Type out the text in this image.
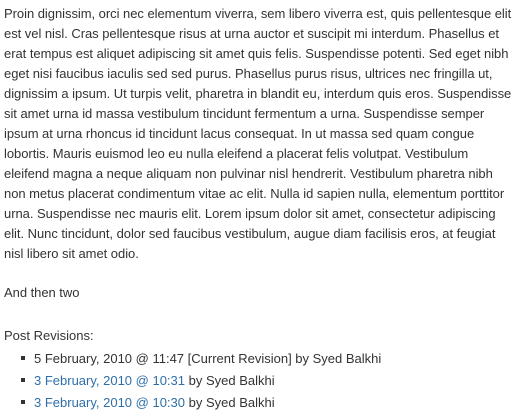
Proin dignissim, orci nec elementum viverra, sem libero viverra est, quis pellentesque elit est vel nisl. Cras pellentesque risus at urna auctor et suscipit mi interdum. Phasellus et erat tempus est aliquet adipiscing sit amet quis felis. Suspendisse potenti. Sed eget nibh eget nisi faucibus iaculis sed sed purus. Phasellus purus risus, ultrices nec fringilla ut, dignissim a ipsum. Ut turpis velit, pharetra in blandit eu, interdum quis eros. Suspendisse sit amet urna id massa vestibulum tincidunt fermentum a urna. Suspendisse semper ipsum at urna rhoncus id tincidunt lacus consequat. In ut massa sed quam congue lobortis. Mauris euismod leo eu nulla eleifend a placerat felis volutpat. Vestibulum eleifend magna a neque aliquam non pulvinar nisl hendrerit. Vestibulum pharetra nibh non metus placerat condimentum vitae ac elit. Nulla id sapien nulla, elementum porttitor urna. Suspendisse nec mauris elit. Lorem ipsum dolor sit amet, consectetur adipiscing elit. Nunc tincidunt, dolor sed faucibus vestibulum, augue diam facilisis eros, at feugiat nisl libero sit amet odio.

And then two

Post Revisions:

5 February, 2010 @ 11:47 [Current Revision] by Syed Balkhi
3 February, 2010 @ 10:31 by Syed Balkhi
3 February, 2010 @ 10:30 by Syed Balkhi
